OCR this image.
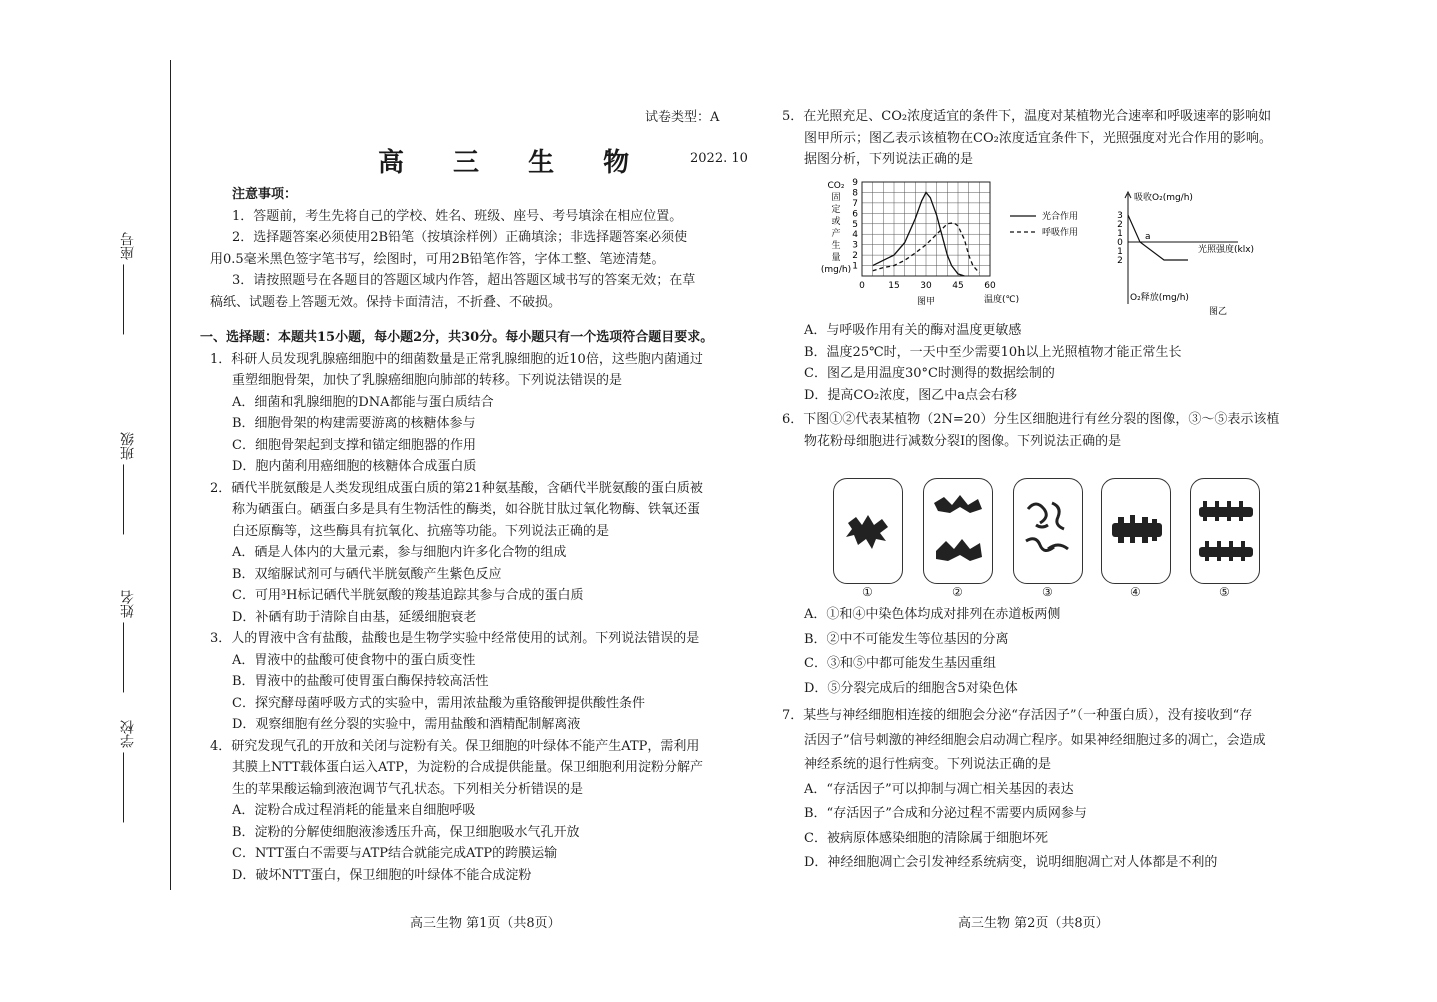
座号
班级
姓名
学校
试卷类型：A
高 三 生 物	2022. 10

注意事项：

1．答题前，考生先将自己的学校、姓名、班级、座号、考号填涂在相应位置。

2．选择题答案必须使用2B铅笔（按填涂样例）正确填涂；非选择题答案必须使

用0.5毫米黑色签字笔书写，绘图时，可用2B铅笔作答，字体工整、笔迹清楚。

3．请按照题号在各题目的答题区域内作答，超出答题区域书写的答案无效；在草

稿纸、试题卷上答题无效。保持卡面清洁，不折叠、不破损。

一、选择题：本题共15小题，每小题2分，共30分。每小题只有一个选项符合题目要求。

1．科研人员发现乳腺癌细胞中的细菌数量是正常乳腺细胞的近10倍，这些胞内菌通过

重塑细胞骨架，加快了乳腺癌细胞向肺部的转移。下列说法错误的是

A．细菌和乳腺细胞的DNA都能与蛋白质结合

B．细胞骨架的构建需要游离的核糖体参与

C．细胞骨架起到支撑和锚定细胞器的作用

D．胞内菌利用癌细胞的核糖体合成蛋白质

2．硒代半胱氨酸是人类发现组成蛋白质的第21种氨基酸，含硒代半胱氨酸的蛋白质被

称为硒蛋白。硒蛋白多是具有生物活性的酶类，如谷胱甘肽过氧化物酶、铁氧还蛋

白还原酶等，这些酶具有抗氧化、抗癌等功能。下列说法正确的是

A．硒是人体内的大量元素，参与细胞内许多化合物的组成

B．双缩脲试剂可与硒代半胱氨酸产生紫色反应

C．可用³H标记硒代半胱氨酸的羧基追踪其参与合成的蛋白质

D．补硒有助于清除自由基，延缓细胞衰老

3．人的胃液中含有盐酸，盐酸也是生物学实验中经常使用的试剂。下列说法错误的是

A．胃液中的盐酸可使食物中的蛋白质变性

B．胃液中的盐酸可使胃蛋白酶保持较高活性

C．探究酵母菌呼吸方式的实验中，需用浓盐酸为重铬酸钾提供酸性条件

D．观察细胞有丝分裂的实验中，需用盐酸和酒精配制解离液

4．研究发现气孔的开放和关闭与淀粉有关。保卫细胞的叶绿体不能产生ATP，需利用

其膜上NTT载体蛋白运入ATP，为淀粉的合成提供能量。保卫细胞利用淀粉分解产

生的苹果酸运输到液泡调节气孔状态。下列相关分析错误的是

A．淀粉合成过程消耗的能量来自细胞呼吸

B．淀粉的分解使细胞液渗透压升高，保卫细胞吸水气孔开放

C．NTT蛋白不需要与ATP结合就能完成ATP的跨膜运输

D．破坏NTT蛋白，保卫细胞的叶绿体不能合成淀粉

5．在光照充足、CO₂浓度适宜的条件下，温度对某植物光合速率和呼吸速率的影响如

图甲所示；图乙表示该植物在CO₂浓度适宜条件下，光照强度对光合作用的影响。

据图分析，下列说法正确的是

1
2
3
4
5
6
7
8
9
0	15 30 45 60
CO₂
固
定
或
产
生
量
(mg/h)
图甲	温度(℃)
光合作用
呼吸作用
吸收O₂(mg/h)
O₂释放(mg/h)
光照强度(klx)
3
2
1
0
1
2
a
图乙

A．与呼吸作用有关的酶对温度更敏感

B．温度25℃时，一天中至少需要10h以上光照植物才能正常生长

C．图乙是用温度30°C时测得的数据绘制的

D．提高CO₂浓度，图乙中a点会右移

6．下图①②代表某植物（2N=20）分生区细胞进行有丝分裂的图像，③～⑤表示该植

物花粉母细胞进行减数分裂Ⅰ的图像。下列说法正确的是

①	②	③	④	⑤

A．①和④中染色体均成对排列在赤道板两侧

B．②中不可能发生等位基因的分离

C．③和⑤中都可能发生基因重组

D．⑤分裂完成后的细胞含5对染色体

7．某些与神经细胞相连接的细胞会分泌“存活因子”（一种蛋白质），没有接收到“存

活因子”信号刺激的神经细胞会启动凋亡程序。如果神经细胞过多的凋亡，会造成

神经系统的退行性病变。下列说法正确的是

A．“存活因子”可以抑制与凋亡相关基因的表达

B．“存活因子”合成和分泌过程不需要内质网参与

C．被病原体感染细胞的清除属于细胞坏死

D．神经细胞凋亡会引发神经系统病变，说明细胞凋亡对人体都是不利的

高三生物 第1页（共8页）	高三生物 第2页（共8页）
